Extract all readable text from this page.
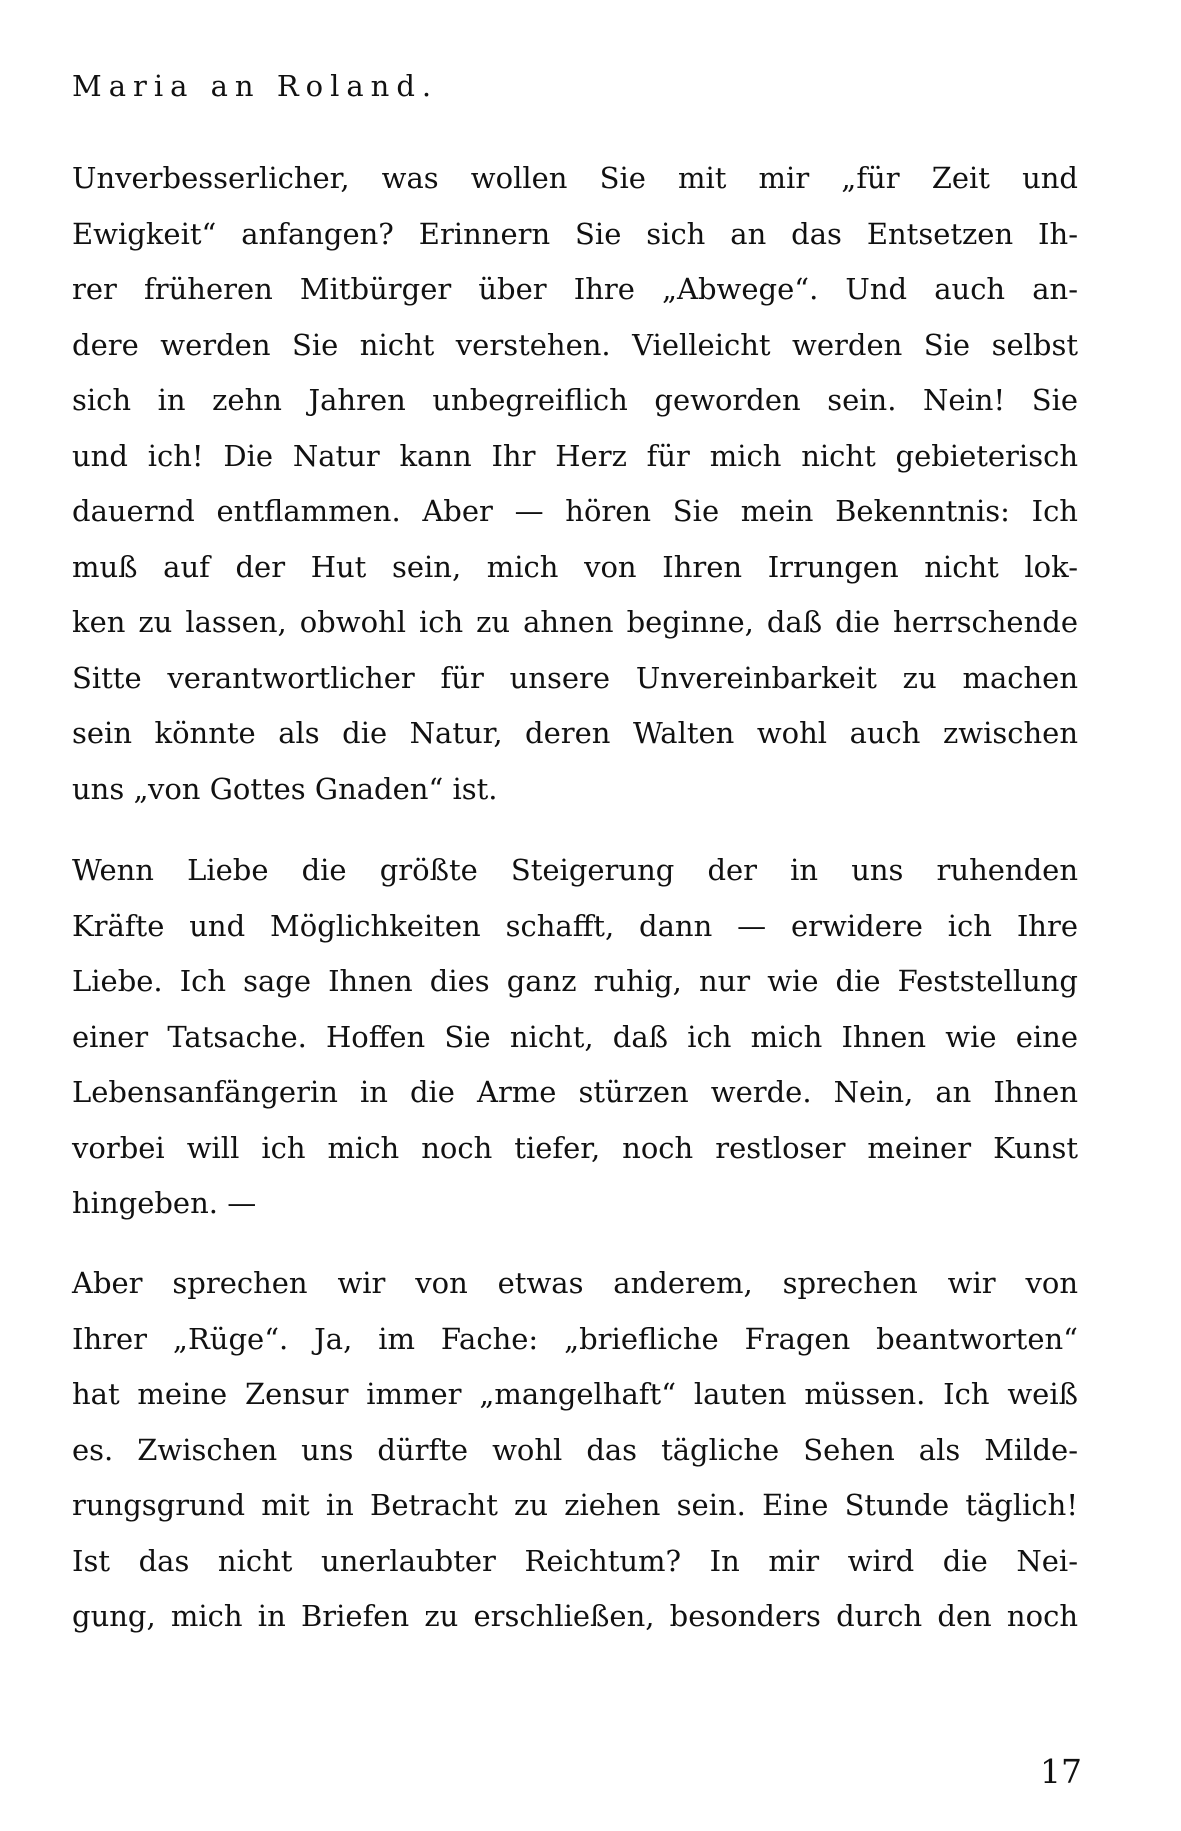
Maria an Roland.
Unverbesserlicher, was wollen Sie mit mir „für Zeit und
Ewigkeit“ anfangen? Erinnern Sie sich an das Entsetzen Ih-
rer früheren Mitbürger über Ihre „Abwege“. Und auch an-
dere werden Sie nicht verstehen. Vielleicht werden Sie selbst
sich in zehn Jahren unbegreiflich geworden sein. Nein! Sie
und ich! Die Natur kann Ihr Herz für mich nicht gebieterisch
dauernd entflammen. Aber — hören Sie mein Bekenntnis: Ich
muß auf der Hut sein, mich von Ihren Irrungen nicht lok-
ken zu lassen, obwohl ich zu ahnen beginne, daß die herrschende
Sitte verantwortlicher für unsere Unvereinbarkeit zu machen
sein könnte als die Natur, deren Walten wohl auch zwischen
uns „von Gottes Gnaden“ ist.
Wenn Liebe die größte Steigerung der in uns ruhenden
Kräfte und Möglichkeiten schafft, dann — erwidere ich Ihre
Liebe. Ich sage Ihnen dies ganz ruhig, nur wie die Feststellung
einer Tatsache. Hoffen Sie nicht, daß ich mich Ihnen wie eine
Lebensanfängerin in die Arme stürzen werde. Nein, an Ihnen
vorbei will ich mich noch tiefer, noch restloser meiner Kunst
hingeben. —
Aber sprechen wir von etwas anderem, sprechen wir von
Ihrer „Rüge“. Ja, im Fache: „briefliche Fragen beantworten“
hat meine Zensur immer „mangelhaft“ lauten müssen. Ich weiß
es. Zwischen uns dürfte wohl das tägliche Sehen als Milde-
rungsgrund mit in Betracht zu ziehen sein. Eine Stunde täglich!
Ist das nicht unerlaubter Reichtum? In mir wird die Nei-
gung, mich in Briefen zu erschließen, besonders durch den noch
17
